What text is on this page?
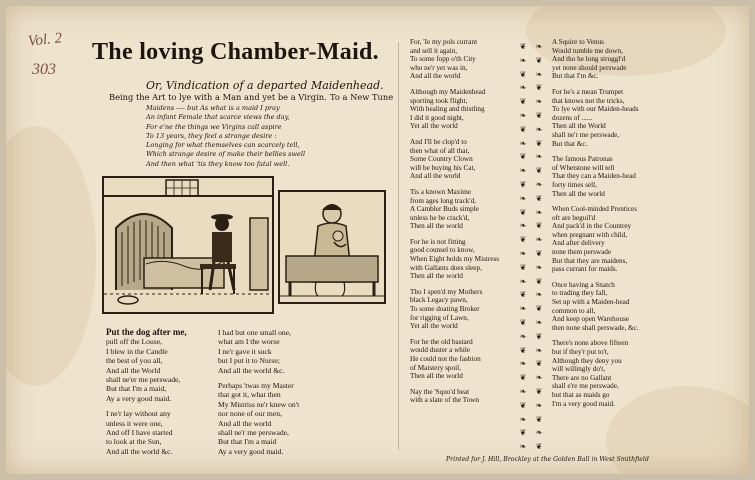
Vol. 2
303
The loving Chamber-Maid.
Or, Vindication of a departed Maidenhead.
Being the Art to lye with a Man and yet be a Virgin. To a New Tune
Maidens ---- but As what is a maid I pray
An infant Female that scarce views the day,
For e'ne the things we Virgins call aspire
To 13 years, they feel a strange desire :
Longing for what themselves can scarcely tell,
Which strange desire of make their bellies swell
And then what 'tis they know too fatal well.
Put the dog after me,
pull off the Louse,
I blew in the Candle
the best of you all,
And all the World
shall ne'er me perswade,
But that I'm a maid,
Ay a very good maid.
I ne'r lay without any
unless it were one,
And off I have started
to look at the Sun,
And all the world &c.
I had but one small one,
what am I the worse
I ne'r gave it suck
but I put it to Nurse;
And all the world &c.
Perhaps 'twas my Master
that got it, what then
My Mistriss ne'r knew on't
nor none of our men,
And all the world
shall ne'r me perswade,
But that I'm a maid
Ay a very good maid.
For, 'Ie my pols currant
and sell it again,
To some fopp o'th City
who ne'r yet was in,
And all the world
Although my Maidenhead
sporting took flight,
With healing and thistling
I did it good night,
Yet all the world
And I'll be clop'd to
then what of all that,
Some Country Clown
will be buying his Cat,
And all the world
Tis a known Maxime
from ages long track'd,
A Cambler Buds simple
unless he be crack'd,
Then all the world
For he is not fitting
good counsel to know,
When Eight holds my Mistress
with Gallants does sleep,
Then all the world
Tho I spen'd my Mothers
black Legacy pawn,
To some doating Broker
for rigging of Lawn,
Yet all the world
For he the old bastard
would duster a while
He could not the fashion
of Maistery spoil,
Then all the world
Nay the 'Squo'd beat
with a slate of the Town
❦
❧
❦
❧
❦
❧
❦
❧
❦
❧
❦
❧
❦
❧
❦
❧
❦
❧
❦
❧
❦
❧
❦
❧
❦
❧
❦
❧
❦
❧
❧
❦
❧
❦
❧
❦
❧
❦
❧
❦
❧
❦
❧
❦
❧
❦
❧
❦
❧
❦
❧
❦
❧
❦
❧
❦
❧
❦
❧
❦
A Squire to Venus
Would tumble me down,
And tho he long struggl'd
yet none should perswade
But that I'm &c.
For he's a mean Trumpet
that knows not the tricks,
To lye with our Maiden-heads
dozens of ......
Then all the World
shall ne'r me perswade,
But that &c.
The famous Patronas
of Whetstone will tell
That they can a Maiden-head
forty times sell,
Then all the world
When Cool-minded Prentices
oft are beguil'd
And pack'd in the Countrey
when pregnant with child,
And after delivery
none them perswade
But that they are maidens,
pass currant for maids.
Once having a Snatch
to trading they fall,
Set up with a Maiden-head
common to all,
And keep open Warehouse
then none shall perswade, &c.
There's none above fifteen
but if they'r put to't,
Although they deny you
will willingly do't,
There are no Gallant
shall e're me perswade,
but that as maids go
I'm a very good maid.
Printed for J. Hill, Brockley at the Golden Ball in West Smithfield
